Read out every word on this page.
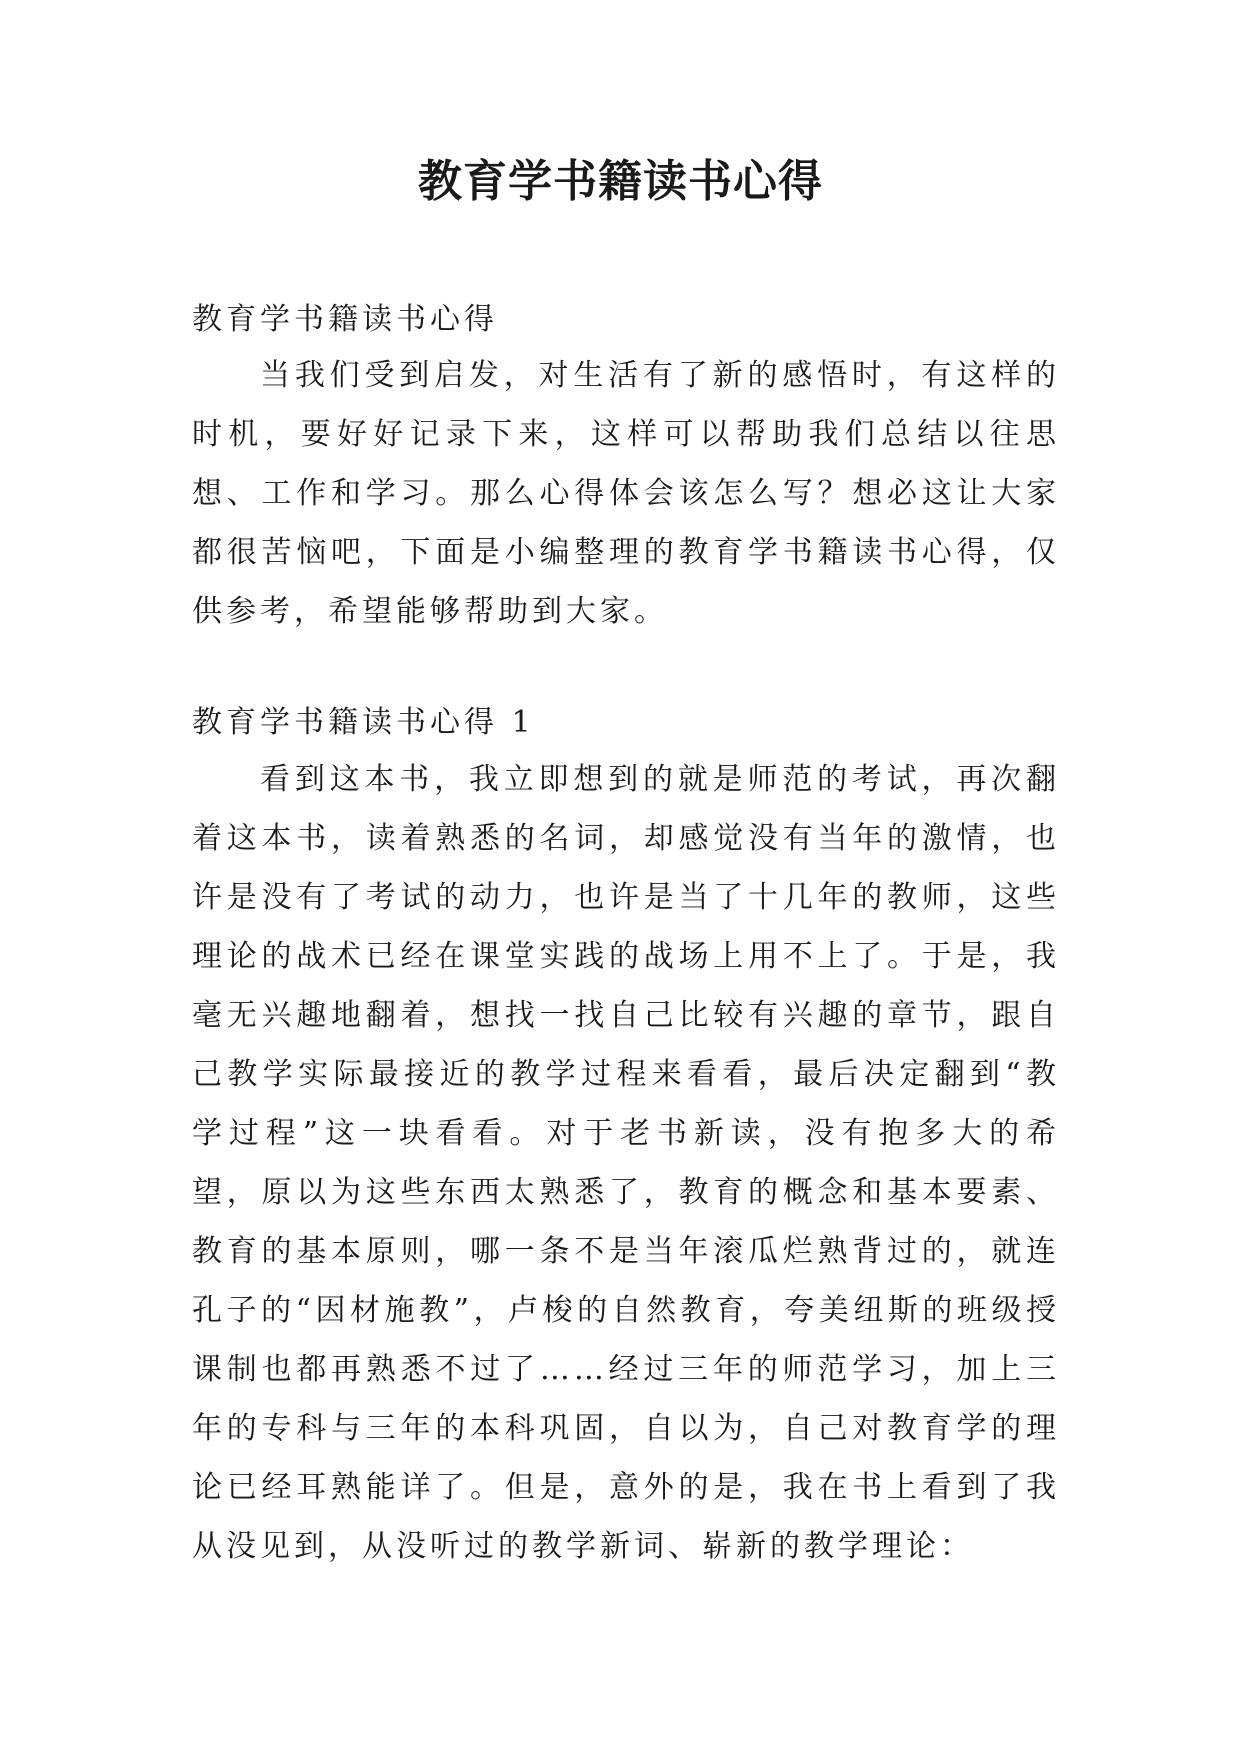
教育学书籍读书心得

教育学书籍读书心得

当我们受到启发，对生活有了新的感悟时，有这样的时机，要好好记录下来，这样可以帮助我们总结以往思想、工作和学习。那么心得体会该怎么写？想必这让大家都很苦恼吧，下面是小编整理的教育学书籍读书心得，仅供参考，希望能够帮助到大家。

教育学书籍读书心得 1

看到这本书，我立即想到的就是师范的考试，再次翻着这本书，读着熟悉的名词，却感觉没有当年的激情，也许是没有了考试的动力，也许是当了十几年的教师，这些理论的战术已经在课堂实践的战场上用不上了。于是，我毫无兴趣地翻着，想找一找自己比较有兴趣的章节，跟自己教学实际最接近的教学过程来看看，最后决定翻到“教学过程”这一块看看。对于老书新读，没有抱多大的希望，原以为这些东西太熟悉了，教育的概念和基本要素、教育的基本原则，哪一条不是当年滚瓜烂熟背过的，就连孔子的“因材施教”，卢梭的自然教育，夸美纽斯的班级授课制也都再熟悉不过了……经过三年的师范学习，加上三年的专科与三年的本科巩固，自以为，自己对教育学的理论已经耳熟能详了。但是，意外的是，我在书上看到了我从没见到，从没听过的教学新词、崭新的教学理论：
